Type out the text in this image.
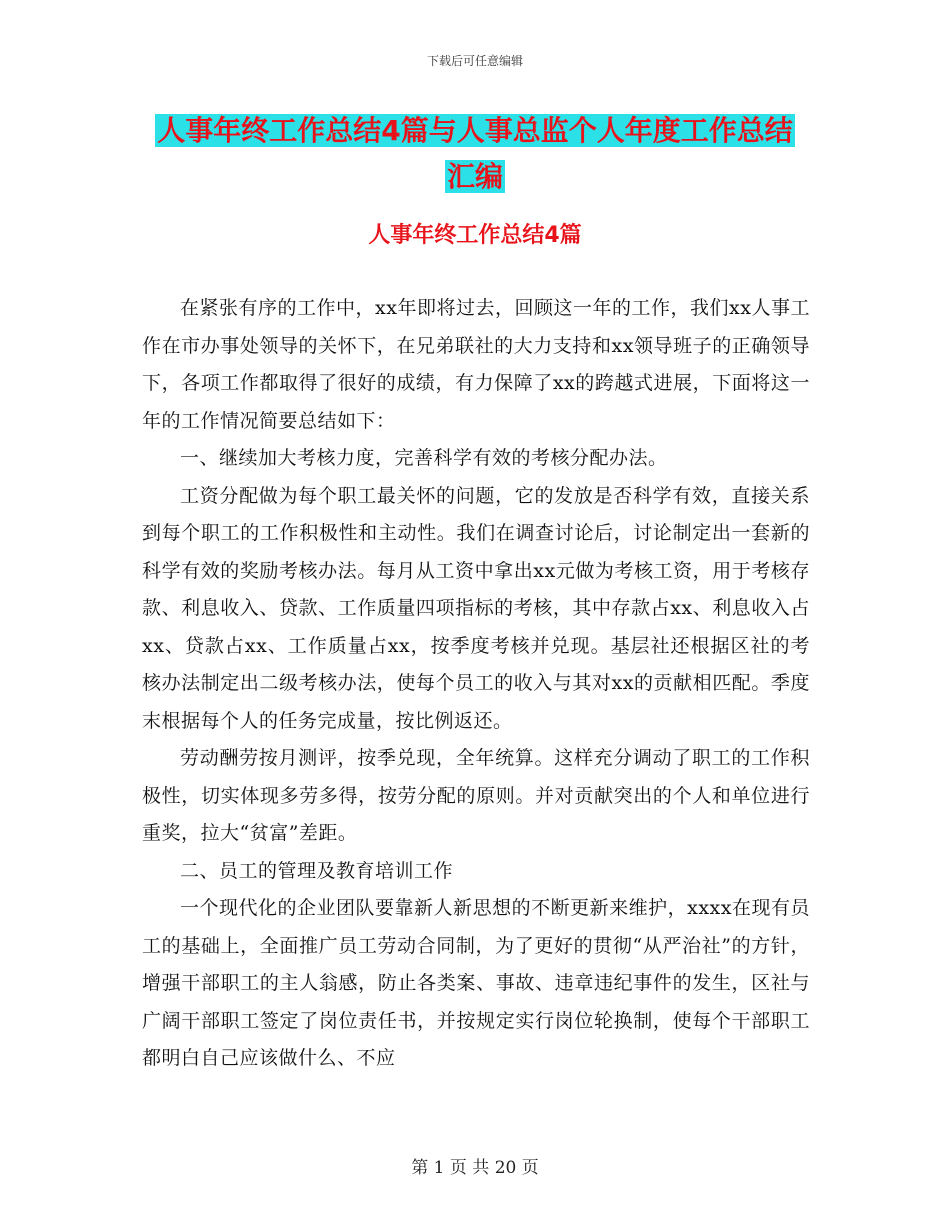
下载后可任意编辑
人事年终工作总结4篇与人事总监个人年度工作总结
汇编
人事年终工作总结4篇

在紧张有序的工作中，xx年即将过去，回顾这一年的工作，我们xx人事工作在市办事处领导的关怀下，在兄弟联社的大力支持和xx领导班子的正确领导下，各项工作都取得了很好的成绩，有力保障了xx的跨越式进展，下面将这一年的工作情况简要总结如下：

一、继续加大考核力度，完善科学有效的考核分配办法。

工资分配做为每个职工最关怀的问题，它的发放是否科学有效，直接关系到每个职工的工作积极性和主动性。我们在调查讨论后，讨论制定出一套新的科学有效的奖励考核办法。每月从工资中拿出xx元做为考核工资，用于考核存款、利息收入、贷款、工作质量四项指标的考核，其中存款占xx、利息收入占xx、贷款占xx、工作质量占xx，按季度考核并兑现。基层社还根据区社的考核办法制定出二级考核办法，使每个员工的收入与其对xx的贡献相匹配。季度末根据每个人的任务完成量，按比例返还。

劳动酬劳按月测评，按季兑现，全年统算。这样充分调动了职工的工作积极性，切实体现多劳多得，按劳分配的原则。并对贡献突出的个人和单位进行重奖，拉大“贫富”差距。

二、员工的管理及教育培训工作

一个现代化的企业团队要靠新人新思想的不断更新来维护，xxxx在现有员工的基础上，全面推广员工劳动合同制，为了更好的贯彻“从严治社”的方针，增强干部职工的主人翁感，防止各类案、事故、违章违纪事件的发生，区社与广阔干部职工签定了岗位责任书，并按规定实行岗位轮换制，使每个干部职工都明白自己应该做什么、不应

第 1 页 共 20 页
